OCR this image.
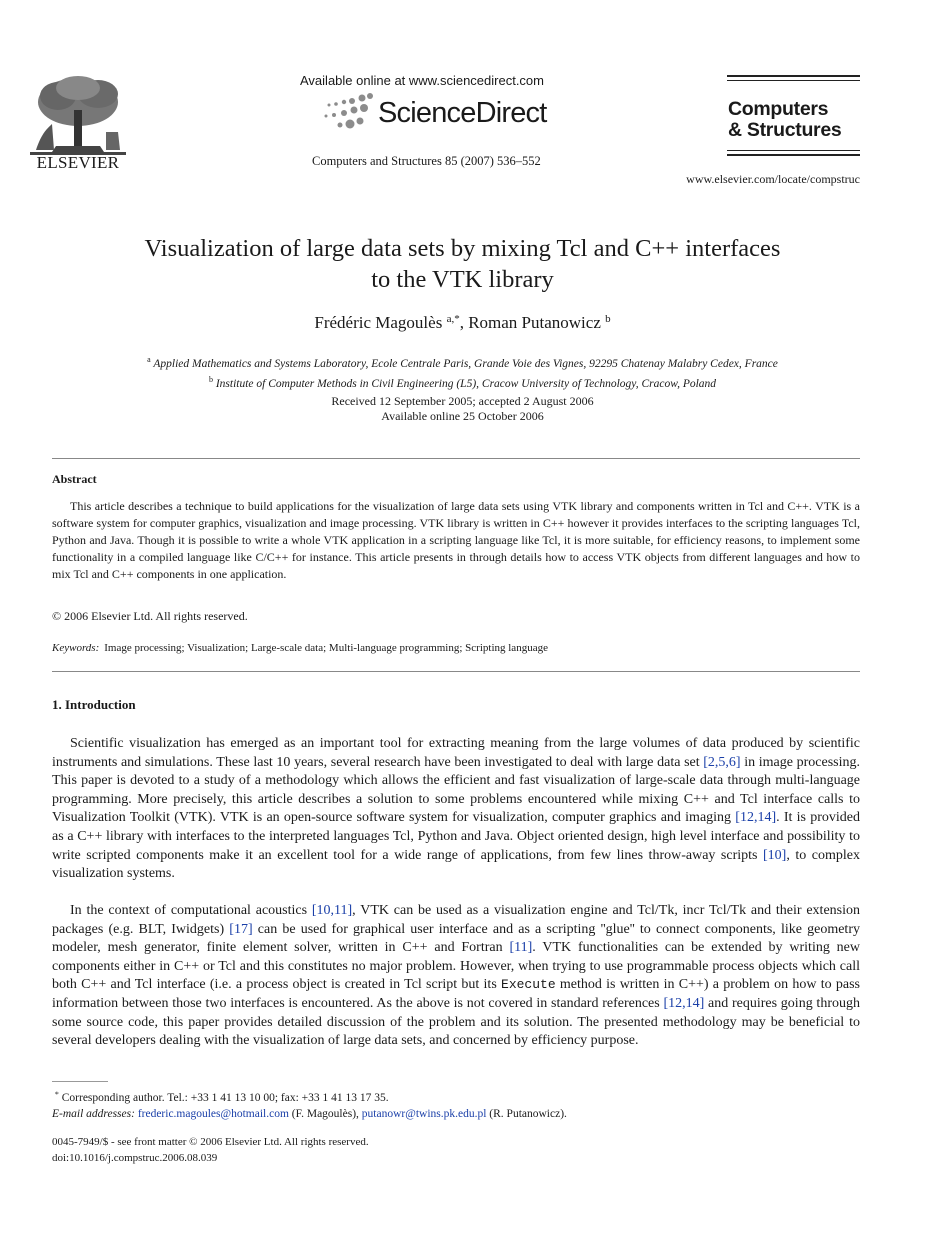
ELSEVIER
Available online at www.sciencedirect.com
ScienceDirect
Computers and Structures 85 (2007) 536–552
Computers
& Structures
www.elsevier.com/locate/compstruc
Visualization of large data sets by mixing Tcl and C++ interfaces
to the VTK library
Frédéric Magoulès $^{a,*}$, Roman Putanowicz $^b$
$^a$ Applied Mathematics and Systems Laboratory, Ecole Centrale Paris, Grande Voie des Vignes, 92295 Chatenay Malabry Cedex, France
$^b$ Institute of Computer Methods in Civil Engineering (L5), Cracow University of Technology, Cracow, Poland
Received 12 September 2005; accepted 2 August 2006
Available online 25 October 2006
Abstract
This article describes a technique to build applications for the visualization of large data sets using VTK library and components written in Tcl and C++. VTK is a software system for computer graphics, visualization and image processing. VTK library is written in C++ however it provides interfaces to the scripting languages Tcl, Python and Java. Though it is possible to write a whole VTK application in a scripting language like Tcl, it is more suitable, for efficiency reasons, to implement some functionality in a compiled language like C/C++ for instance. This article presents in through details how to access VTK objects from different languages and how to mix Tcl and C++ components in one application.
© 2006 Elsevier Ltd. All rights reserved.
Keywords: Image processing; Visualization; Large-scale data; Multi-language programming; Scripting language
1. Introduction
Scientific visualization has emerged as an important tool for extracting meaning from the large volumes of data produced by scientific instruments and simulations. These last 10 years, several research have been investigated to deal with large data set [2,5,6] in image processing. This paper is devoted to a study of a methodology which allows the efficient and fast visualization of large-scale data through multi-language programming. More precisely, this article describes a solution to some problems encountered while mixing C++ and Tcl interface calls to Visualization Toolkit (VTK). VTK is an open-source software system for visualization, computer graphics and imaging [12,14]. It is provided as a C++ library with interfaces to the interpreted languages Tcl, Python and Java. Object oriented design, high level interface and possibility to write scripted components make it an excellent tool for a wide range of applications, from few lines throw-away scripts [10], to complex visualization systems.
In the context of computational acoustics [10,11], VTK can be used as a visualization engine and Tcl/Tk, incr Tcl/Tk and their extension packages (e.g. BLT, Iwidgets) [17] can be used for graphical user interface and as a scripting ''glue'' to connect components, like geometry modeler, mesh generator, finite element solver, written in C++ and Fortran [11]. VTK functionalities can be extended by writing new components either in C++ or Tcl and this constitutes no major problem. However, when trying to use programmable process objects which call both C++ and Tcl interface (i.e. a process object is created in Tcl script but its Execute method is written in C++) a problem on how to pass information between those two interfaces is encountered. As the above is not covered in standard references [12,14] and requires going through some source code, this paper provides detailed discussion of the problem and its solution. The presented methodology may be beneficial to several developers dealing with the visualization of large data sets, and concerned by efficiency purpose.
* Corresponding author. Tel.: +33 1 41 13 10 00; fax: +33 1 41 13 17 35.
E-mail addresses: frederic.magoules@hotmail.com (F. Magoulès), putanowr@twins.pk.edu.pl (R. Putanowicz).
0045-7949/$ - see front matter © 2006 Elsevier Ltd. All rights reserved.
doi:10.1016/j.compstruc.2006.08.039
